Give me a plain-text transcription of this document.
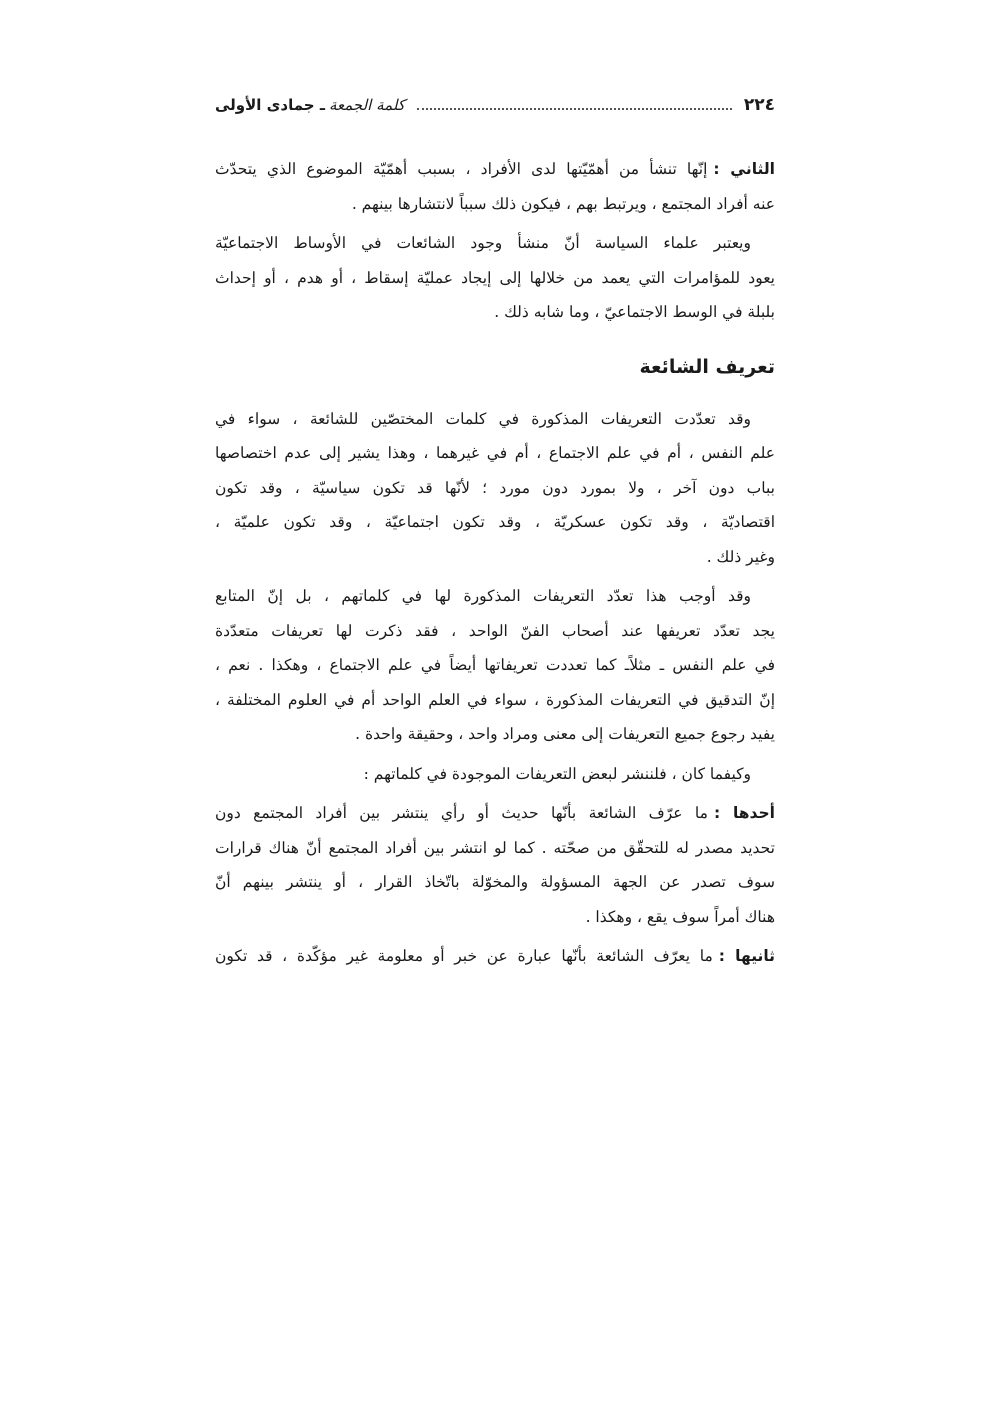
٢٢٤
كلمة الجمعة
ـ جمادى الأولى
الثاني :إنّها تنشأ من أهمّيّتها لدى الأفراد ، بسبب أهمّيّة الموضوع الذي يتحدّث
عنه أفراد المجتمع ، ويرتبط بهم ، فيكون ذلك سبباً لانتشارها بينهم .
ويعتبر علماء السياسة أنّ منشأ وجود الشائعات في الأوساط الاجتماعيّة
يعود للمؤامرات التي يعمد من خلالها إلى إيجاد عمليّة إسقاط ، أو هدم ، أو إحداث
بلبلة في الوسط الاجتماعيّ ، وما شابه ذلك .
تعريف الشائعة
وقد تعدّدت التعريفات المذكورة في كلمات المختصّين للشائعة ، سواء في
علم النفس ، أم في علم الاجتماع ، أم في غيرهما ، وهذا يشير إلى عدم اختصاصها
بباب دون آخر ، ولا بمورد دون مورد ؛ لأنّها قد تكون سياسيّة ، وقد تكون
اقتصاديّة ، وقد تكون عسكريّة ، وقد تكون اجتماعيّة ، وقد تكون علميّة ،
وغير ذلك .
وقد أوجب هذا تعدّد التعريفات المذكورة لها في كلماتهم ، بل إنّ المتابع
يجد تعدّد تعريفها عند أصحاب الفنّ الواحد ، فقد ذكرت لها تعريفات متعدّدة
في علم النفس ـ مثلاًـ كما تعددت تعريفاتها أيضاً في علم الاجتماع ، وهكذا . نعم ،
إنّ التدقيق في التعريفات المذكورة ، سواء في العلم الواحد أم في العلوم المختلفة ،
يفيد رجوع جميع التعريفات إلى معنى ومراد واحد ، وحقيقة واحدة .
وكيفما كان ، فلننشر لبعض التعريفات الموجودة في كلماتهم :
أحدها :ما عرّف الشائعة بأنّها حديث أو رأي ينتشر بين أفراد المجتمع دون
تحديد مصدر له للتحقّق من صحّته . كما لو انتشر بين أفراد المجتمع أنّ هناك قرارات
سوف تصدر عن الجهة المسؤولة والمخوّلة باتّخاذ القرار ، أو ينتشر بينهم أنّ
هناك أمراً سوف يقع ، وهكذا .
ثانيها :ما يعرّف الشائعة بأنّها عبارة عن خبر أو معلومة غير مؤكّدة ، قد تكون
